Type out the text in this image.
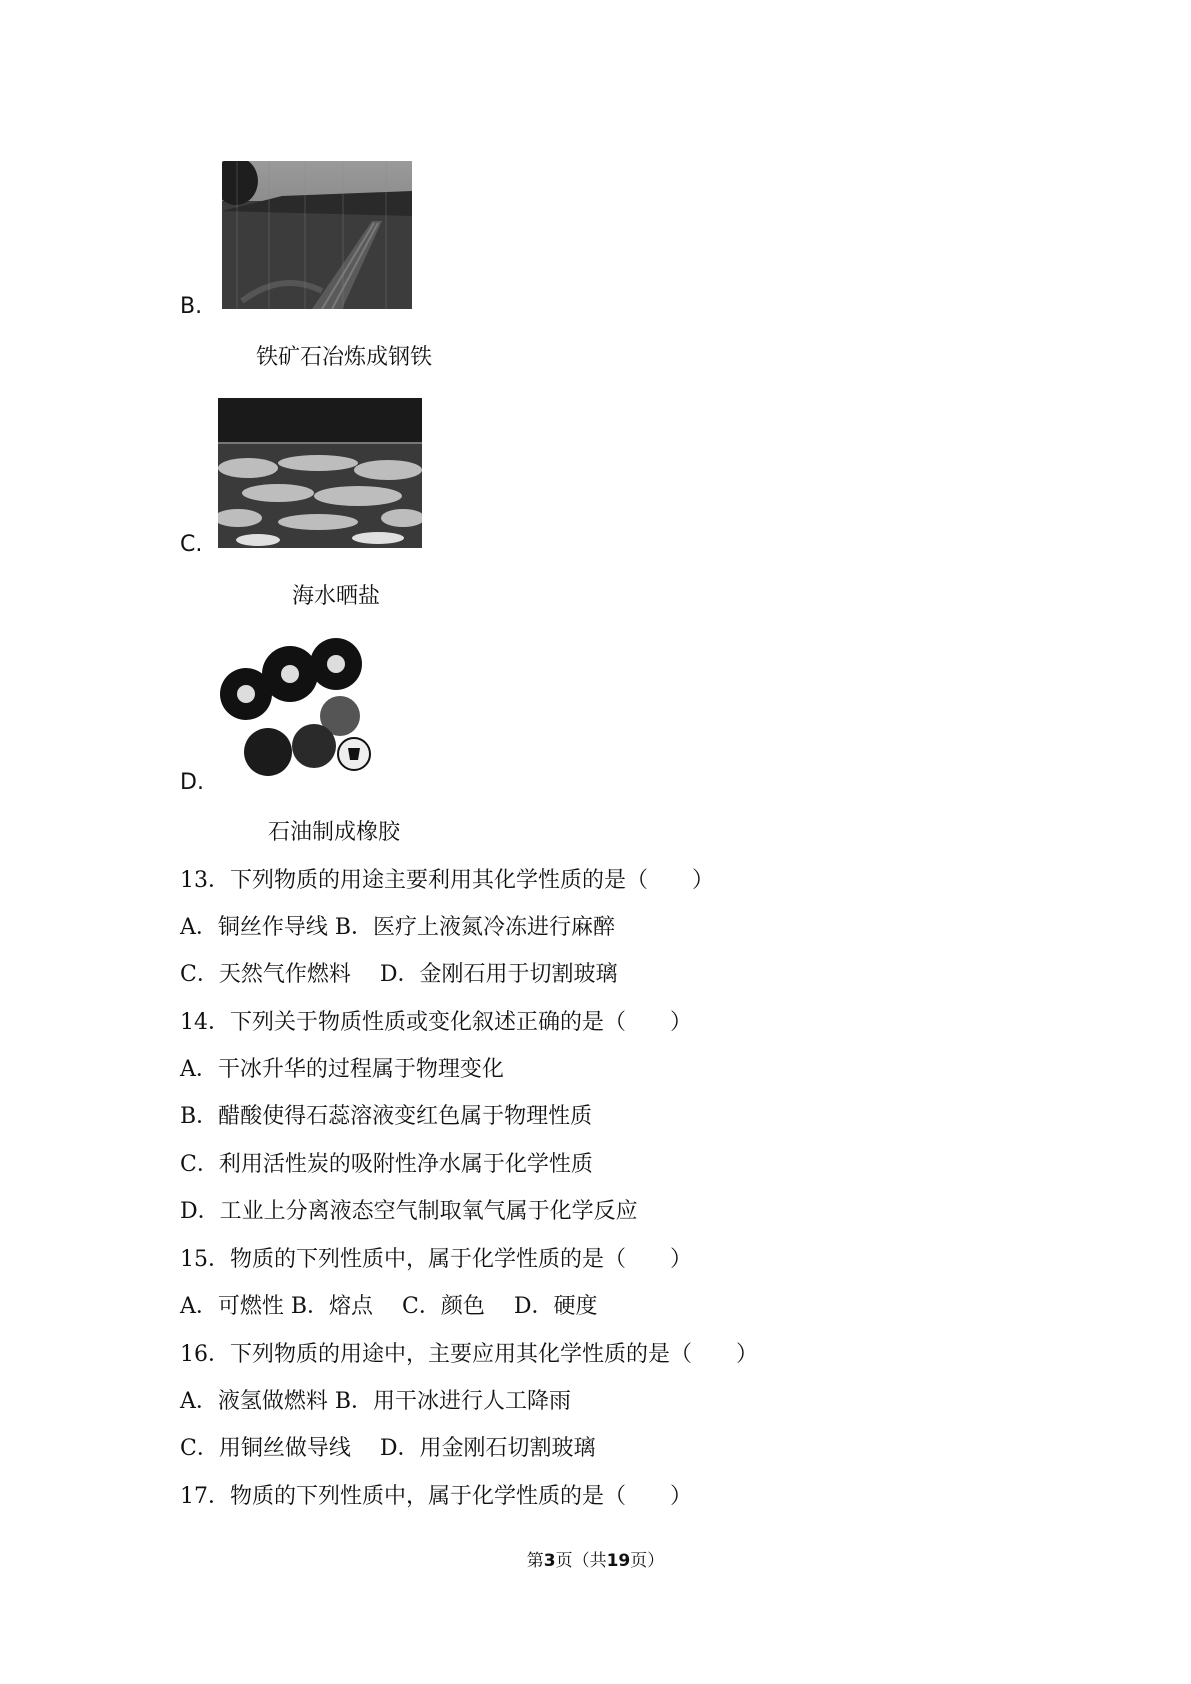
B.
铁矿石冶炼成钢铁
C.
海水晒盐
D.
石油制成橡胶
13．下列物质的用途主要利用其化学性质的是（　　）
A．铜丝作导线 B．医疗上液氮冷冻进行麻醉
C．天然气作燃料　 D．金刚石用于切割玻璃
14．下列关于物质性质或变化叙述正确的是（　　）
A．干冰升华的过程属于物理变化
B．醋酸使得石蕊溶液变红色属于物理性质
C．利用活性炭的吸附性净水属于化学性质
D．工业上分离液态空气制取氧气属于化学反应
15．物质的下列性质中，属于化学性质的是（　　）
A．可燃性 B．熔点　 C．颜色　 D．硬度
16．下列物质的用途中，主要应用其化学性质的是（　　）
A．液氢做燃料 B．用干冰进行人工降雨
C．用铜丝做导线　 D．用金刚石切割玻璃
17．物质的下列性质中，属于化学性质的是（　　）
第3页（共19页）
